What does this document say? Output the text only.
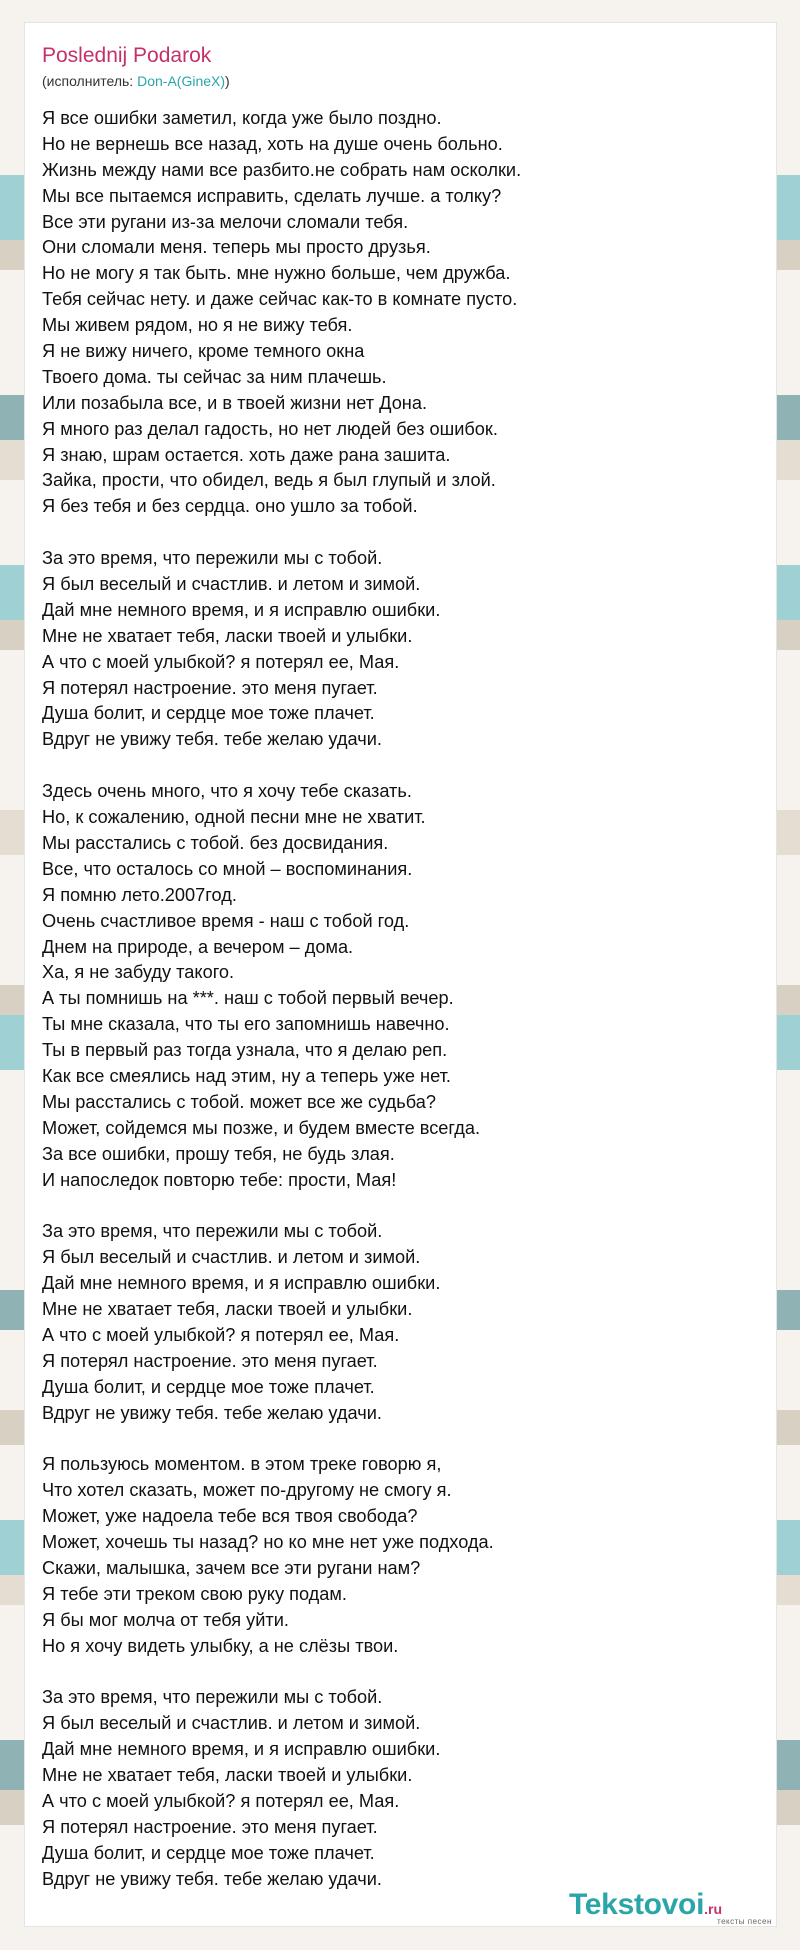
Poslednij Podarok
(исполнитель: Don-A(GineX))
Я все ошибки заметил, когда уже было поздно.
Но не вернешь все назад, хоть на душе очень больно.
Жизнь между нами все разбито.не собрать нам осколки.
Мы все пытаемся исправить, сделать лучше. а толку?
Все эти ругани из-за мелочи сломали тебя.
Они сломали меня. теперь мы просто друзья.
Но не могу я так быть. мне нужно больше, чем дружба.
Тебя сейчас нету. и даже сейчас как-то в комнате пусто.
Мы живем рядом, но я не вижу тебя.
Я не вижу ничего, кроме темного окна
Твоего дома. ты сейчас за ним плачешь.
Или позабыла все, и в твоей жизни нет Дона.
Я много раз делал гадость, но нет людей без ошибок.
Я знаю, шрам остается. хоть даже рана зашита.
Зайка, прости, что обидел, ведь я был глупый и злой.
Я без тебя и без сердца. оно ушло за тобой.
За это время, что пережили мы с тобой.
Я был веселый и счастлив. и летом и зимой.
Дай мне немного время, и я исправлю ошибки.
Мне не хватает тебя, ласки твоей и улыбки.
А что с моей улыбкой? я потерял ее, Мая.
Я потерял настроение. это меня пугает.
Душа болит, и сердце мое тоже плачет.
Вдруг не увижу тебя. тебе желаю удачи.
Здесь очень много, что я хочу тебе сказать.
Но, к сожалению, одной песни мне не хватит.
Мы расстались с тобой. без досвидания.
Все, что осталось со мной – воспоминания.
Я помню лето.2007год.
Очень счастливое время - наш с тобой год.
Днем на природе, а вечером – дома.
Ха, я не забуду такого.
А ты помнишь на ***. наш с тобой первый вечер.
Ты мне сказала, что ты его запомнишь навечно.
Ты в первый раз тогда узнала, что я делаю реп.
Как все смеялись над этим, ну а теперь уже нет.
Мы расстались с тобой. может все же судьба?
Может, сойдемся мы позже, и будем вместе всегда.
За все ошибки, прошу тебя, не будь злая.
И напоследок повторю тебе: прости, Мая!
За это время, что пережили мы с тобой.
Я был веселый и счастлив. и летом и зимой.
Дай мне немного время, и я исправлю ошибки.
Мне не хватает тебя, ласки твоей и улыбки.
А что с моей улыбкой? я потерял ее, Мая.
Я потерял настроение. это меня пугает.
Душа болит, и сердце мое тоже плачет.
Вдруг не увижу тебя. тебе желаю удачи.
Я пользуюсь моментом. в этом треке говорю я,
Что хотел сказать, может по-другому не смогу я.
Может, уже надоела тебе вся твоя свобода?
Может, хочешь ты назад? но ко мне нет уже подхода.
Скажи, малышка, зачем все эти ругани нам?
Я тебе эти треком свою руку подам.
Я бы мог молча от тебя уйти.
Но я хочу видеть улыбку, а не слёзы твои.
За это время, что пережили мы с тобой.
Я был веселый и счастлив. и летом и зимой.
Дай мне немного время, и я исправлю ошибки.
Мне не хватает тебя, ласки твоей и улыбки.
А что с моей улыбкой? я потерял ее, Мая.
Я потерял настроение. это меня пугает.
Душа болит, и сердце мое тоже плачет.
Вдруг не увижу тебя. тебе желаю удачи.
Tekstovoi.ru
тексты песен
